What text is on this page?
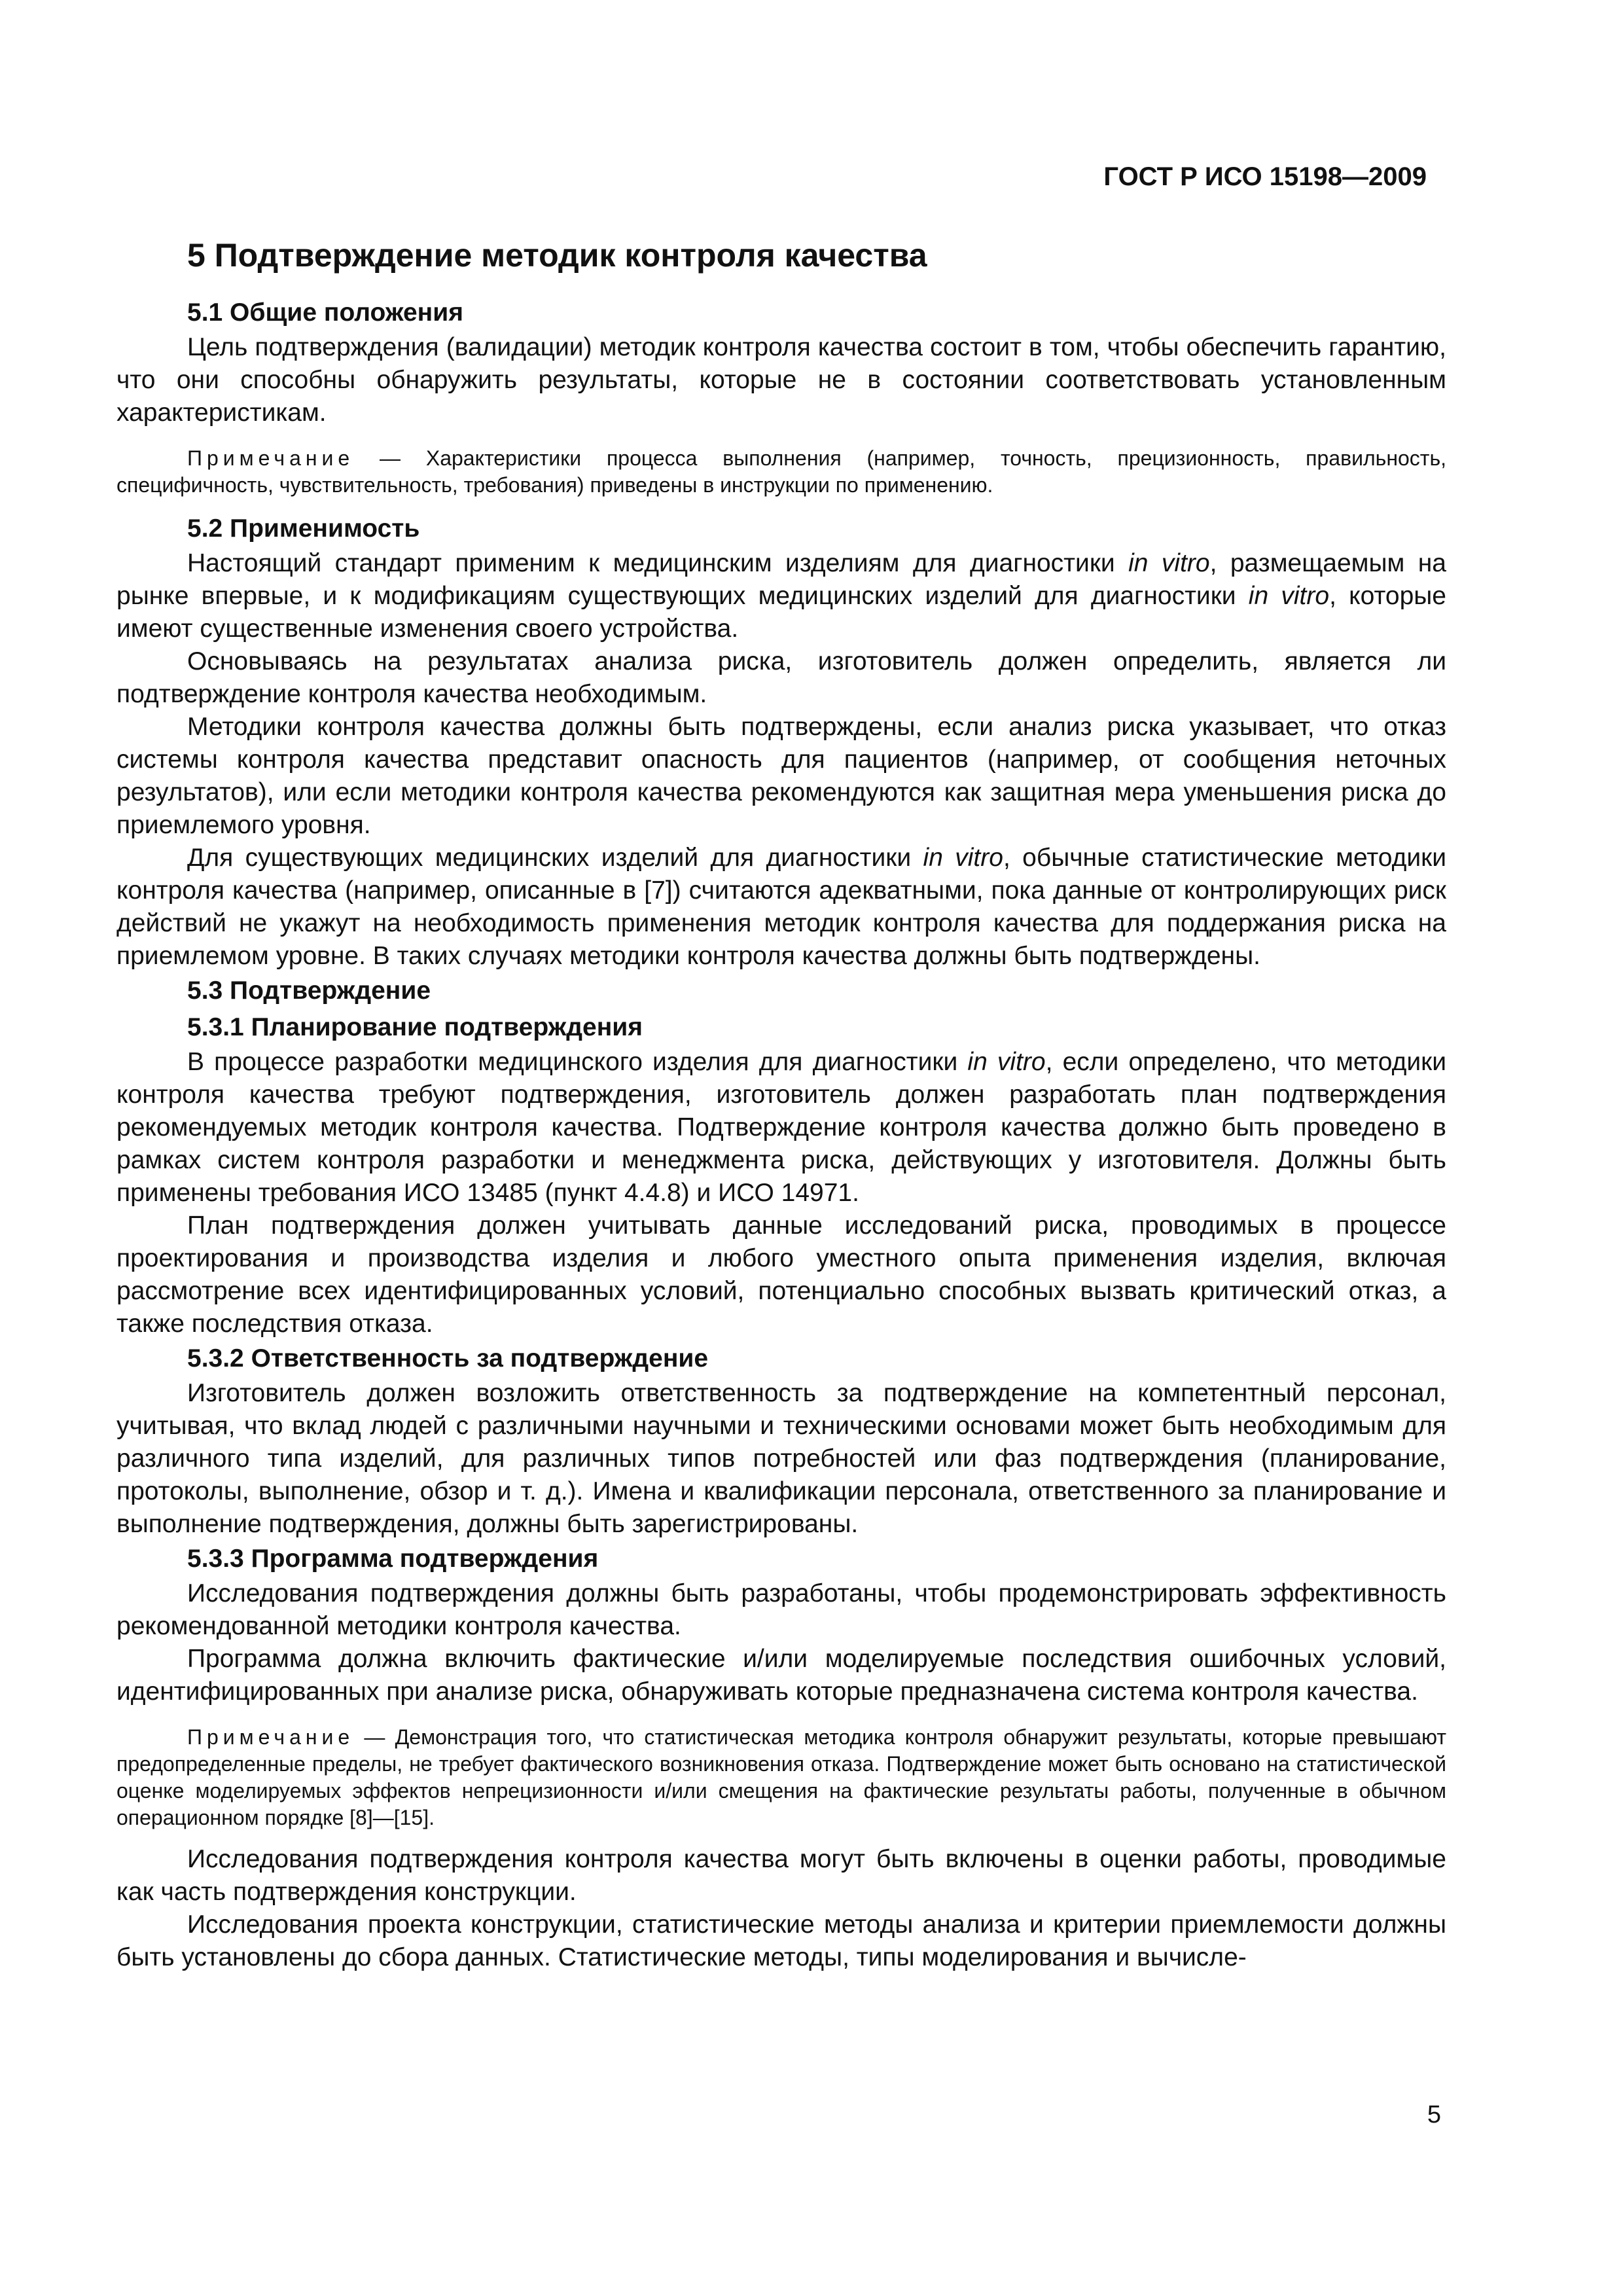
ГОСТ Р ИСО 15198—2009
5 Подтверждение методик контроля качества
5.1 Общие положения

Цель подтверждения (валидации) методик контроля качества состоит в том, чтобы обеспечить гарантию, что они способны обнаружить результаты, которые не в состоянии соответствовать установленным характеристикам.

Примечание — Характеристики процесса выполнения (например, точность, прецизионность, правильность, специфичность, чувствительность, требования) приведены в инструкции по применению.

5.2 Применимость

Настоящий стандарт применим к медицинским изделиям для диагностики in vitro, размещаемым на рынке впервые, и к модификациям существующих медицинских изделий для диагностики in vitro, которые имеют существенные изменения своего устройства.

Основываясь на результатах анализа риска, изготовитель должен определить, является ли подтверждение контроля качества необходимым.

Методики контроля качества должны быть подтверждены, если анализ риска указывает, что отказ системы контроля качества представит опасность для пациентов (например, от сообщения неточных результатов), или если методики контроля качества рекомендуются как защитная мера уменьшения риска до приемлемого уровня.

Для существующих медицинских изделий для диагностики in vitro, обычные статистические методики контроля качества (например, описанные в [7]) считаются адекватными, пока данные от контролирующих риск действий не укажут на необходимость применения методик контроля качества для поддержания риска на приемлемом уровне. В таких случаях методики контроля качества должны быть подтверждены.

5.3 Подтверждение
5.3.1 Планирование подтверждения

В процессе разработки медицинского изделия для диагностики in vitro, если определено, что методики контроля качества требуют подтверждения, изготовитель должен разработать план подтверждения рекомендуемых методик контроля качества. Подтверждение контроля качества должно быть проведено в рамках систем контроля разработки и менеджмента риска, действующих у изготовителя. Должны быть применены требования ИСО 13485 (пункт 4.4.8) и ИСО 14971.

План подтверждения должен учитывать данные исследований риска, проводимых в процессе проектирования и производства изделия и любого уместного опыта применения изделия, включая рассмотрение всех идентифицированных условий, потенциально способных вызвать критический отказ, а также последствия отказа.

5.3.2 Ответственность за подтверждение

Изготовитель должен возложить ответственность за подтверждение на компетентный персонал, учитывая, что вклад людей с различными научными и техническими основами может быть необходимым для различного типа изделий, для различных типов потребностей или фаз подтверждения (планирование, протоколы, выполнение, обзор и т. д.). Имена и квалификации персонала, ответственного за планирование и выполнение подтверждения, должны быть зарегистрированы.

5.3.3 Программа подтверждения

Исследования подтверждения должны быть разработаны, чтобы продемонстрировать эффективность рекомендованной методики контроля качества.

Программа должна включить фактические и/или моделируемые последствия ошибочных условий, идентифицированных при анализе риска, обнаруживать которые предназначена система контроля качества.

Примечание — Демонстрация того, что статистическая методика контроля обнаружит результаты, которые превышают предопределенные пределы, не требует фактического возникновения отказа. Подтверждение может быть основано на статистической оценке моделируемых эффектов непрецизионности и/или смещения на фактические результаты работы, полученные в обычном операционном порядке [8]—[15].

Исследования подтверждения контроля качества могут быть включены в оценки работы, проводимые как часть подтверждения конструкции.

Исследования проекта конструкции, статистические методы анализа и критерии приемлемости должны быть установлены до сбора данных. Статистические методы, типы моделирования и вычисле-

5
